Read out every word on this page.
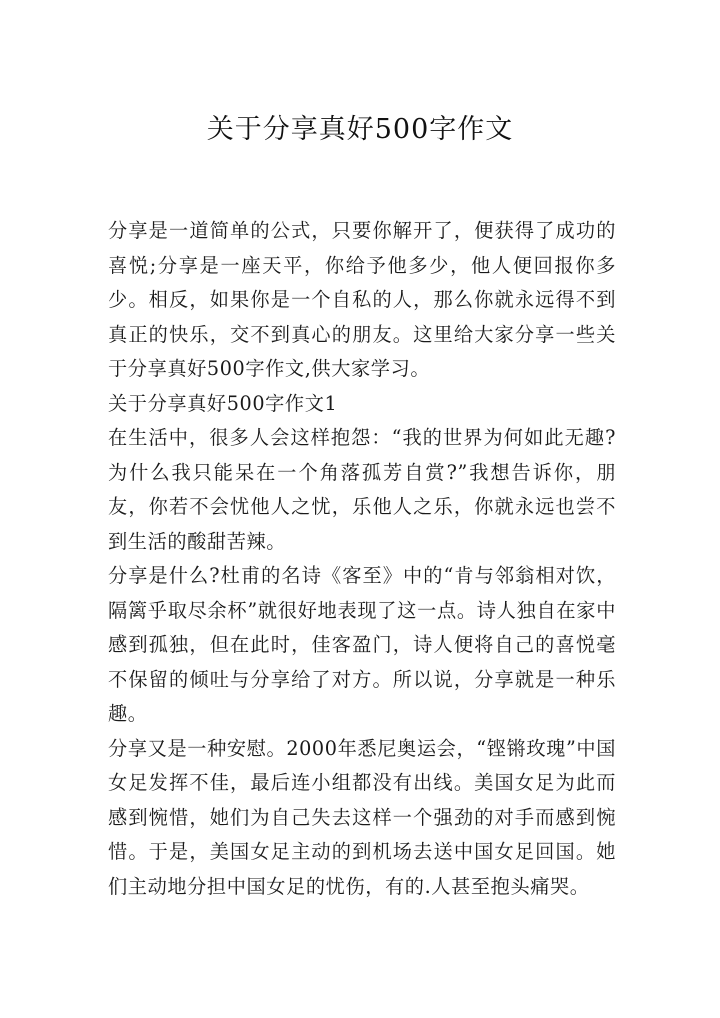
关于分享真好500字作文

分享是一道简单的公式，只要你解开了，便获得了成功的喜悦;分享是一座天平，你给予他多少，他人便回报你多少。相反，如果你是一个自私的人，那么你就永远得不到真正的快乐，交不到真心的朋友。这里给大家分享一些关于分享真好500字作文,供大家学习。

关于分享真好500字作文1

在生活中，很多人会这样抱怨：“我的世界为何如此无趣?为什么我只能呆在一个角落孤芳自赏?”我想告诉你，朋友，你若不会忧他人之忧，乐他人之乐，你就永远也尝不到生活的酸甜苦辣。

分享是什么?杜甫的名诗《客至》中的“肯与邻翁相对饮，隔篱乎取尽余杯”就很好地表现了这一点。诗人独自在家中感到孤独，但在此时，佳客盈门，诗人便将自己的喜悦毫不保留的倾吐与分享给了对方。所以说，分享就是一种乐趣。

分享又是一种安慰。2000年悉尼奥运会，“铿锵玫瑰”中国女足发挥不佳，最后连小组都没有出线。美国女足为此而感到惋惜，她们为自己失去这样一个强劲的对手而感到惋惜。于是，美国女足主动的到机场去送中国女足回国。她们主动地分担中国女足的忧伤，有的.人甚至抱头痛哭。
